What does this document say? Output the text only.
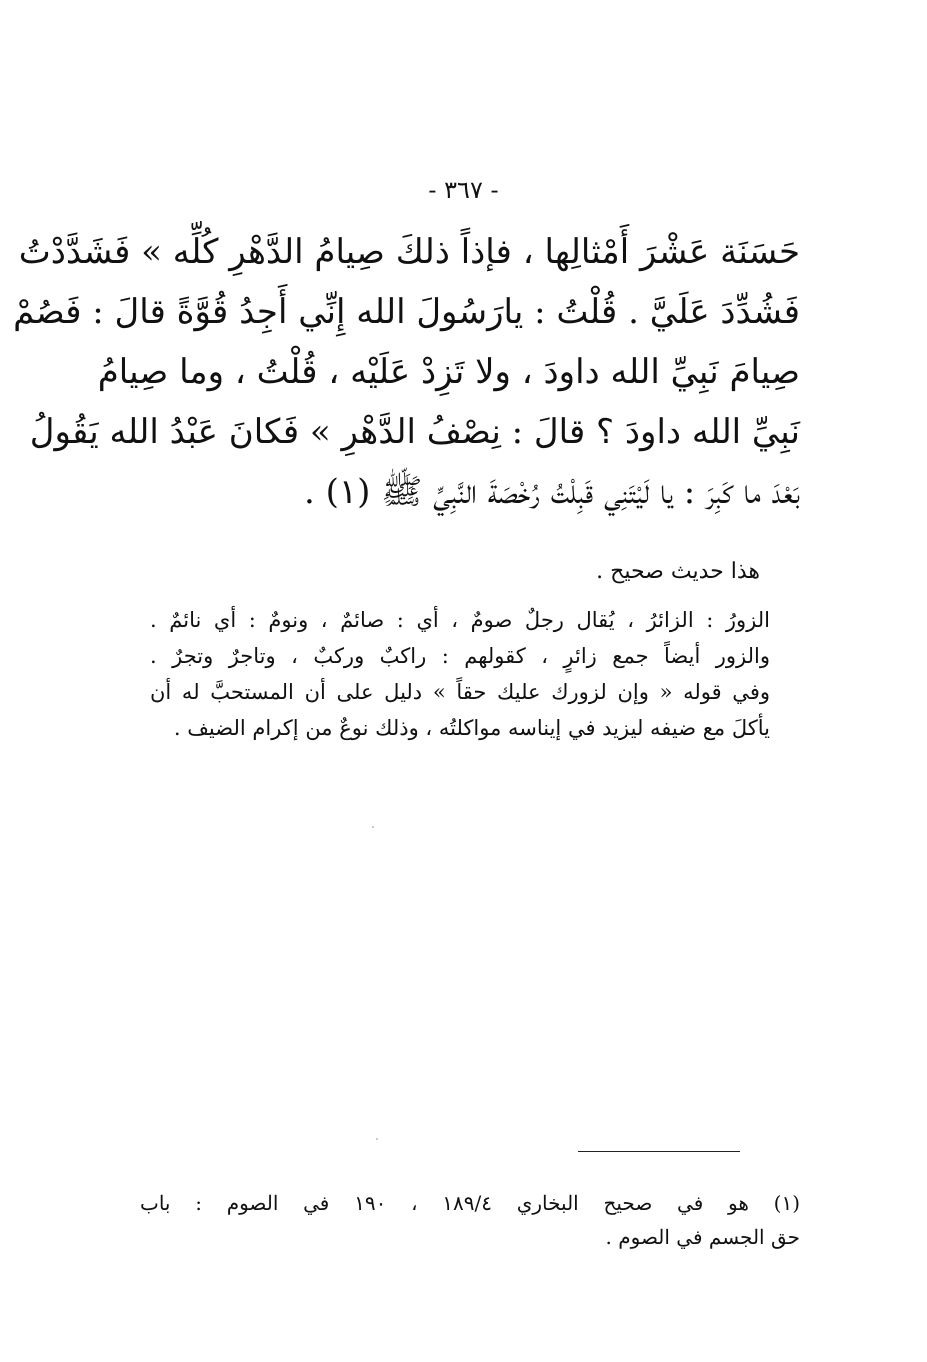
- ٣٦٧ -
حَسَنَة عَشْرَ أَمْثالِها ، فإذاً ذلكَ صِيامُ الدَّهْرِ كُلِّه » فَشَدَّدْتُ
فَشُدِّدَ عَلَيَّ . قُلْتُ : يارَسُولَ الله إِنِّي أَجِدُ قُوَّةً قالَ : فَصُمْ
صِيامَ نَبِيِّ الله داودَ ، ولا تَزِدْ عَلَيْه ، قُلْتُ ، وما صِيامُ
نَبِيِّ الله داودَ ؟ قالَ : نِصْفُ الدَّهْرِ » فَكانَ عَبْدُ الله يَقُولُ
بَعْدَ ما كَبِرَ : يا لَيْتَنِي قَبِلْتُ رُخْصَةَ النَّبِيِّ ﷺ (١) .
هذا حديث صحيح .
الزورُ : الزائرُ ، يُقال رجلٌ صومٌ ، أي : صائمٌ ، ونومٌ : أي نائمٌ .
والزور أيضاً جمع زائرٍ ، كقولهم : راكبٌ وركبٌ ، وتاجرٌ وتجرٌ .
وفي قوله « وإن لزورك عليك حقاً » دليل على أن المستحبَّ له أن
يأكلَ مع ضيفه ليزيد في إيناسه مواكلتُه ، وذلك نوعٌ من إكرام الضيف .
(١) هو في صحيح البخاري ١٨٩/٤ ، ١٩٠ في الصوم : باب
حق الجسم في الصوم .
